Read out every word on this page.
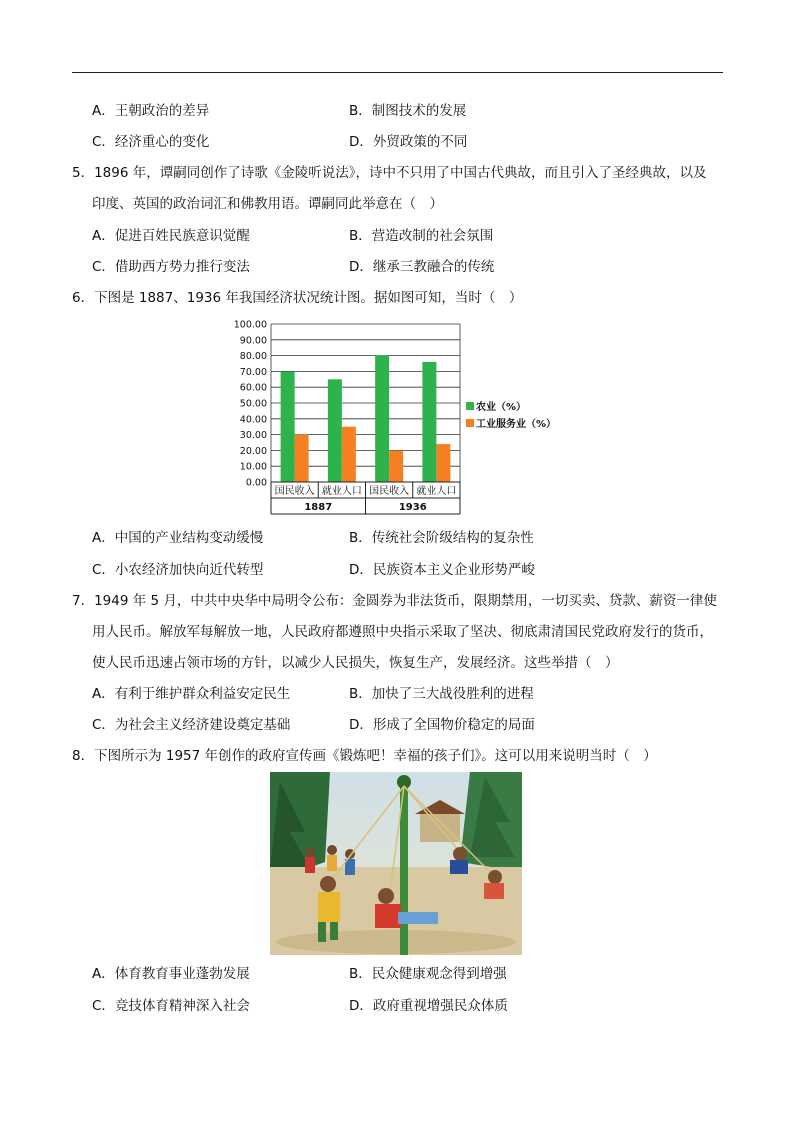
A．王朝政治的差异	B．制图技术的发展
C．经济重心的变化	D．外贸政策的不同
5．1896 年，谭嗣同创作了诗歌《金陵听说法》，诗中不只用了中国古代典故，而且引入了圣经典故，以及
印度、英国的政治词汇和佛教用语。谭嗣同此举意在（　）
A．促进百姓民族意识觉醒	B．营造改制的社会氛围
C．借助西方势力推行变法	D．继承三教融合的传统
6．下图是 1887、1936 年我国经济状况统计图。据如图可知，当时（　）
100.00
90.00
80.00
70.00
60.00
50.00
40.00
30.00
20.00
10.00
0.00
国民收入 就业人口 国民收入 就业人口
1887	1936
农业（%）
工业服务业（%）
A．中国的产业结构变动缓慢	B．传统社会阶级结构的复杂性
C．小农经济加快向近代转型	D．民族资本主义企业形势严峻
7．1949 年 5 月，中共中央华中局明令公布：金圆券为非法货币，限期禁用，一切买卖、贷款、薪资一律使
用人民币。解放军每解放一地，人民政府都遵照中央指示采取了坚决、彻底肃清国民党政府发行的货币，
使人民币迅速占领市场的方针，以减少人民损失，恢复生产，发展经济。这些举措（　）
A．有利于维护群众利益安定民生	B．加快了三大战役胜利的进程
C．为社会主义经济建设奠定基础	D．形成了全国物价稳定的局面
8．下图所示为 1957 年创作的政府宣传画《锻炼吧！幸福的孩子们》。这可以用来说明当时（　）
A．体育教育事业蓬勃发展	B．民众健康观念得到增强
C．竞技体育精神深入社会	D．政府重视增强民众体质
